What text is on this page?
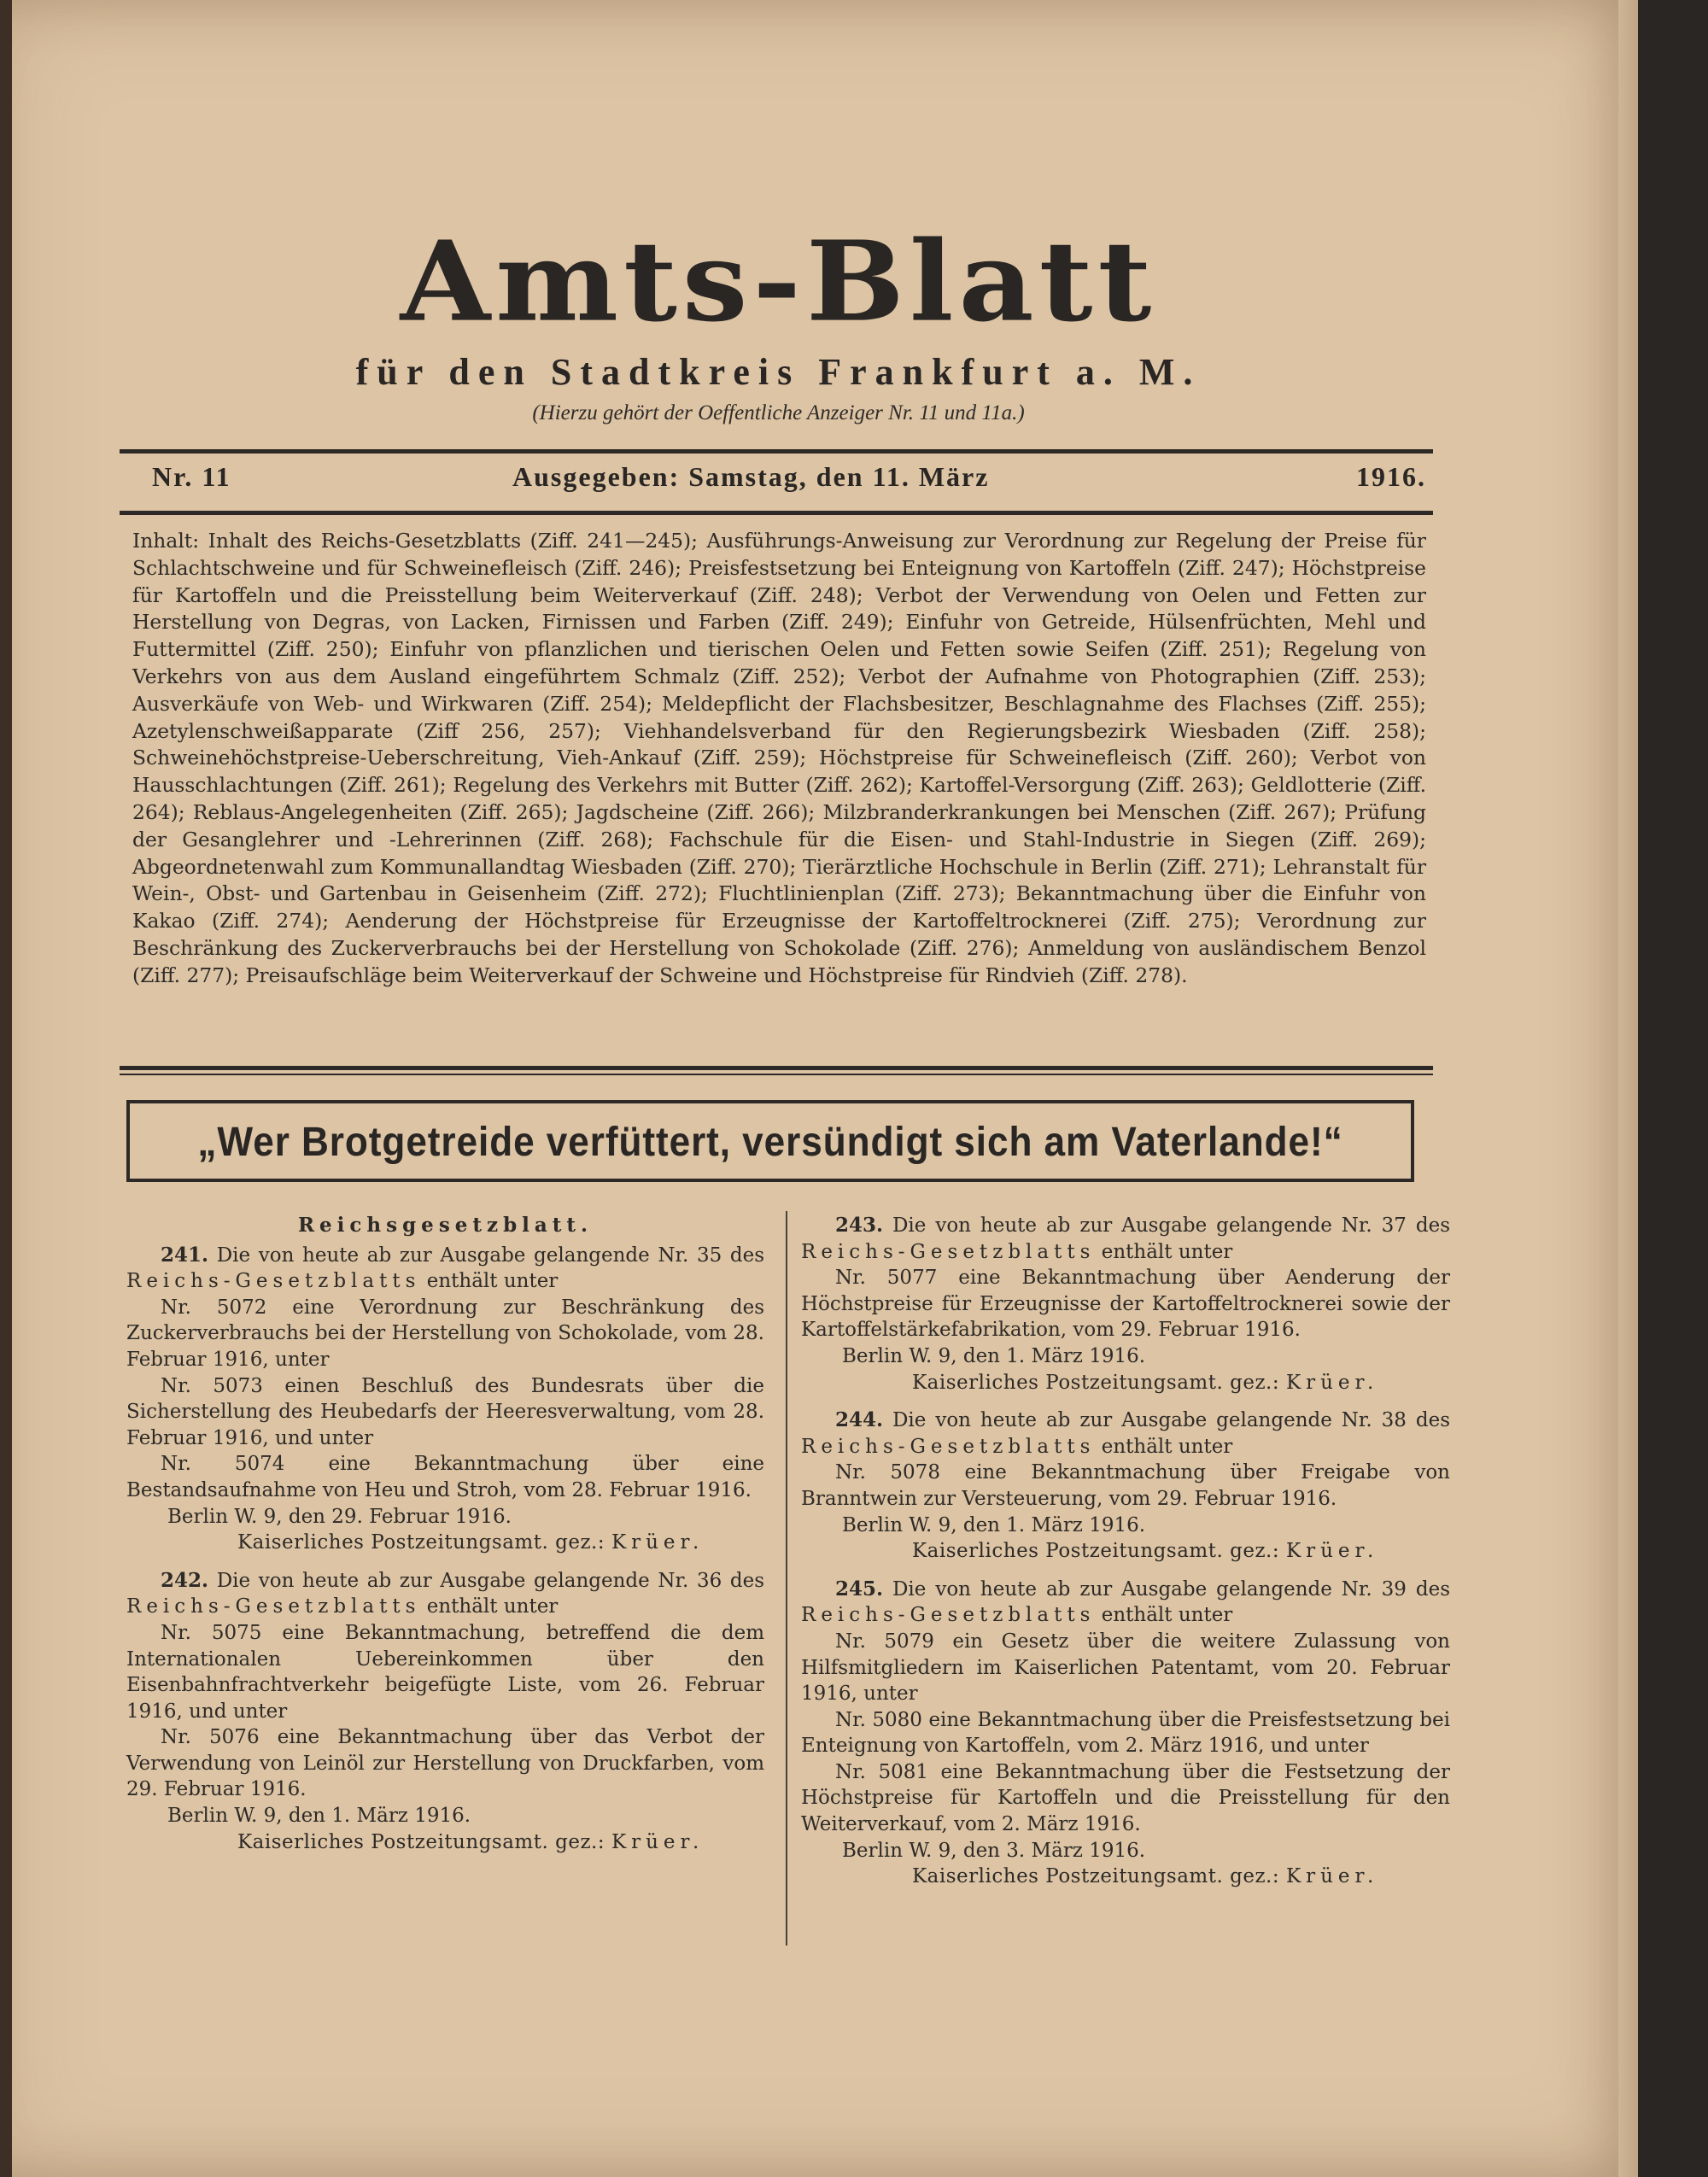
Amts-Blatt
für den Stadtkreis Frankfurt a. M.
(Hierzu gehört der Oeffentliche Anzeiger Nr. 11 und 11a.)
Nr. 11	Ausgegeben: Samstag, den 11. März	1916.
Inhalt: Inhalt des Reichs-Gesetzblatts (Ziff. 241—245); Ausführungs-Anweisung zur Verordnung zur Regelung der Preise für Schlachtschweine und für Schweinefleisch (Ziff. 246); Preisfestsetzung bei Enteignung von Kartoffeln (Ziff. 247); Höchstpreise für Kartoffeln und die Preisstellung beim Weiterverkauf (Ziff. 248); Verbot der Verwendung von Oelen und Fetten zur Herstellung von Degras, von Lacken, Firnissen und Farben (Ziff. 249); Einfuhr von Getreide, Hülsenfrüchten, Mehl und Futtermittel (Ziff. 250); Einfuhr von pflanzlichen und tierischen Oelen und Fetten sowie Seifen (Ziff. 251); Regelung von Verkehrs von aus dem Ausland eingeführtem Schmalz (Ziff. 252); Verbot der Aufnahme von Photographien (Ziff. 253); Ausverkäufe von Web- und Wirkwaren (Ziff. 254); Meldepflicht der Flachsbesitzer, Beschlagnahme des Flachses (Ziff. 255); Azetylenschweißapparate (Ziff 256, 257); Viehhandelsverband für den Regierungsbezirk Wiesbaden (Ziff. 258); Schweinehöchstpreise-Ueberschreitung, Vieh-Ankauf (Ziff. 259); Höchstpreise für Schweinefleisch (Ziff. 260); Verbot von Hausschlachtungen (Ziff. 261); Regelung des Verkehrs mit Butter (Ziff. 262); Kartoffel-Versorgung (Ziff. 263); Geldlotterie (Ziff. 264); Reblaus-Angelegenheiten (Ziff. 265); Jagdscheine (Ziff. 266); Milzbranderkrankungen bei Menschen (Ziff. 267); Prüfung der Gesanglehrer und -Lehrerinnen (Ziff. 268); Fachschule für die Eisen- und Stahl-Industrie in Siegen (Ziff. 269); Abgeordnetenwahl zum Kommunallandtag Wiesbaden (Ziff. 270); Tierärztliche Hochschule in Berlin (Ziff. 271); Lehranstalt für Wein-, Obst- und Gartenbau in Geisenheim (Ziff. 272); Fluchtlinienplan (Ziff. 273); Bekanntmachung über die Einfuhr von Kakao (Ziff. 274); Aenderung der Höchstpreise für Erzeugnisse der Kartoffeltrocknerei (Ziff. 275); Verordnung zur Beschränkung des Zuckerverbrauchs bei der Herstellung von Schokolade (Ziff. 276); Anmeldung von ausländischem Benzol (Ziff. 277); Preisaufschläge beim Weiterverkauf der Schweine und Höchstpreise für Rindvieh (Ziff. 278).
„Wer Brotgetreide verfüttert, versündigt sich am Vaterlande!“

Reichsgesetzblatt.

241. Die von heute ab zur Ausgabe gelangende Nr. 35 des Reichs-Gesetzblatts enthält unter

Nr. 5072 eine Verordnung zur Beschränkung des Zuckerverbrauchs bei der Herstellung von Schokolade, vom 28. Februar 1916, unter

Nr. 5073 einen Beschluß des Bundesrats über die Sicherstellung des Heubedarfs der Heeresverwaltung, vom 28. Februar 1916, und unter

Nr. 5074 eine Bekanntmachung über eine Bestandsaufnahme von Heu und Stroh, vom 28. Februar 1916.

Berlin W. 9, den 29. Februar 1916.

Kaiserliches Postzeitungsamt. gez.: Krüer.

242. Die von heute ab zur Ausgabe gelangende Nr. 36 des Reichs-Gesetzblatts enthält unter

Nr. 5075 eine Bekanntmachung, betreffend die dem Internationalen Uebereinkommen über den Eisenbahnfrachtverkehr beigefügte Liste, vom 26. Februar 1916, und unter

Nr. 5076 eine Bekanntmachung über das Verbot der Verwendung von Leinöl zur Herstellung von Druckfarben, vom 29. Februar 1916.

Berlin W. 9, den 1. März 1916.

Kaiserliches Postzeitungsamt. gez.: Krüer.

243. Die von heute ab zur Ausgabe gelangende Nr. 37 des Reichs-Gesetzblatts enthält unter

Nr. 5077 eine Bekanntmachung über Aenderung der Höchstpreise für Erzeugnisse der Kartoffeltrocknerei sowie der Kartoffelstärkefabrikation, vom 29. Februar 1916.

Berlin W. 9, den 1. März 1916.

Kaiserliches Postzeitungsamt. gez.: Krüer.

244. Die von heute ab zur Ausgabe gelangende Nr. 38 des Reichs-Gesetzblatts enthält unter

Nr. 5078 eine Bekanntmachung über Freigabe von Branntwein zur Versteuerung, vom 29. Februar 1916.

Berlin W. 9, den 1. März 1916.

Kaiserliches Postzeitungsamt. gez.: Krüer.

245. Die von heute ab zur Ausgabe gelangende Nr. 39 des Reichs-Gesetzblatts enthält unter

Nr. 5079 ein Gesetz über die weitere Zulassung von Hilfsmitgliedern im Kaiserlichen Patentamt, vom 20. Februar 1916, unter

Nr. 5080 eine Bekanntmachung über die Preisfestsetzung bei Enteignung von Kartoffeln, vom 2. März 1916, und unter

Nr. 5081 eine Bekanntmachung über die Festsetzung der Höchstpreise für Kartoffeln und die Preisstellung für den Weiterverkauf, vom 2. März 1916.

Berlin W. 9, den 3. März 1916.

Kaiserliches Postzeitungsamt. gez.: Krüer.
